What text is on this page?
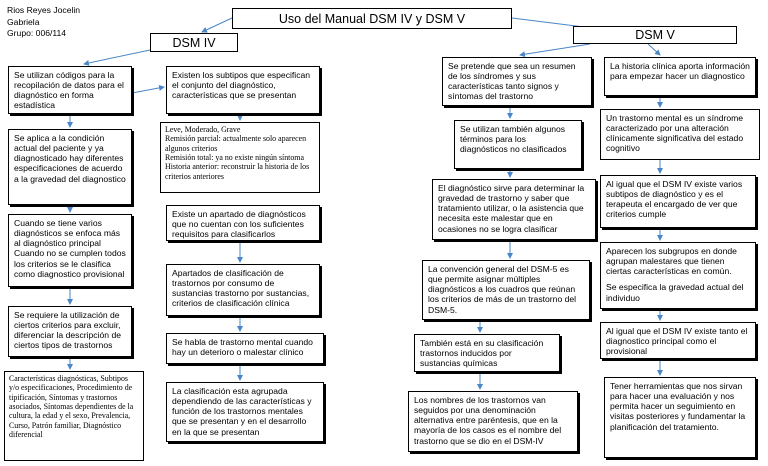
Rios Reyes Jocelin
Gabriela
Grupo: 006/114
Uso del Manual DSM IV y DSM V
DSM IV
DSM V

Se utilizan códigos para la recopilación de datos para el diagnóstico en forma estadística

Se aplica a la condición actual del paciente y ya diagnosticado hay diferentes especificaciones de acuerdo a la gravedad del diagnostico

Cuando se tiene varios diagnósticos se enfoca más al diagnóstico principal Cuando no se cumplen todos los criterios se le clasifica como diagnostico provisional

Se requiere la utilización de ciertos criterios para excluir, diferenciar la descripción de ciertos tipos de trastornos

Características diagnósticas, Subtipos y/o especificaciones, Procedimiento de tipificación, Síntomas y trastornos asociados, Síntomas dependientes de la cultura, la edad y el sexo, Prevalencia, Curso, Patrón familiar, Diagnóstico diferencial

Existen los subtipos que especifican el conjunto del diagnóstico, características que se presentan

Leve, Moderado, Grave

Remisión parcial: actualmente solo aparecen algunos criterios

Remisión total: ya no existe ningún síntoma

Historia anterior: reconstruir la historia de los criterios anteriores

Existe un apartado de diagnósticos que no cuentan con los suficientes requisitos para clasificarlos

Apartados de clasificación de trastornos por consumo de sustancias trastorno por sustancias, criterios de clasificación clínica

Se habla de trastorno mental cuando hay un deterioro o malestar clínico

La clasificación esta agrupada dependiendo de las características y función de los trastornos mentales que se presentan y en el desarrollo en la que se presentan

Se pretende que sea un resumen de los síndromes y sus características tanto signos y síntomas del trastorno

Se utilizan también algunos términos para los diagnósticos no clasificados

El diagnóstico sirve para determinar la gravedad de trastorno y saber que tratamiento utilizar, o la asistencia que necesita este malestar que en ocasiones no se logra clasificar

La convención general del DSM-5 es que permite asignar múltiples diagnósticos a los cuadros que reúnan los criterios de más de un trastorno del DSM-5.

También está en su clasificación trastornos inducidos por sustancias químicas

Los nombres de los trastornos van seguidos por una denominación alternativa entre paréntesis, que en la mayoría de los casos es el nombre del trastorno que se dio en el DSM-IV

La historia clínica aporta información para empezar hacer un diagnostico

Un trastorno mental es un síndrome caracterizado por una alteración clínicamente significativa del estado cognitivo

Al igual que el DSM IV existe varios subtipos de diagnóstico y es el terapeuta el encargado de ver que criterios cumple

Aparecen los subgrupos en donde agrupan malestares que tienen ciertas características en común.

Se especifica la gravedad actual del individuo

Al igual que el DSM IV existe tanto el diagnostico principal como el provisional

Tener herramientas que nos sirvan para hacer una evaluación y nos permita hacer un seguimiento en visitas posteriores y fundamentar la planificación del tratamiento.
